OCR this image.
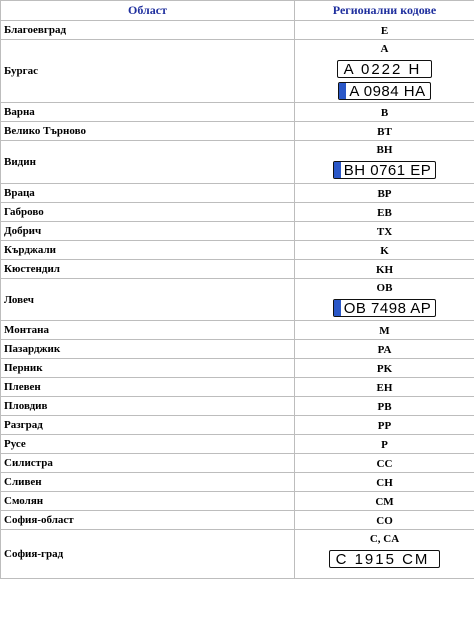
Област	Регионални кодове
Благоевград	E

Бургас	A
A 0222 H
A 0984 HA

Варна	B

Велико Търново	BT

Видин	BH
BH 0761 EP

Враца	BP

Габрово	EB

Добрич	TX

Кърджали	K

Кюстендил	KH

Ловеч	OB
OB 7498 AP

Монтана	M

Пазарджик	PA

Перник	PK

Плевен	EH

Пловдив	PB

Разград	PP

Русе	P

Силистра	CC

Сливен	CH

Смолян	CM

София-област	CO

София-град	C, CA
C 1915 CM
